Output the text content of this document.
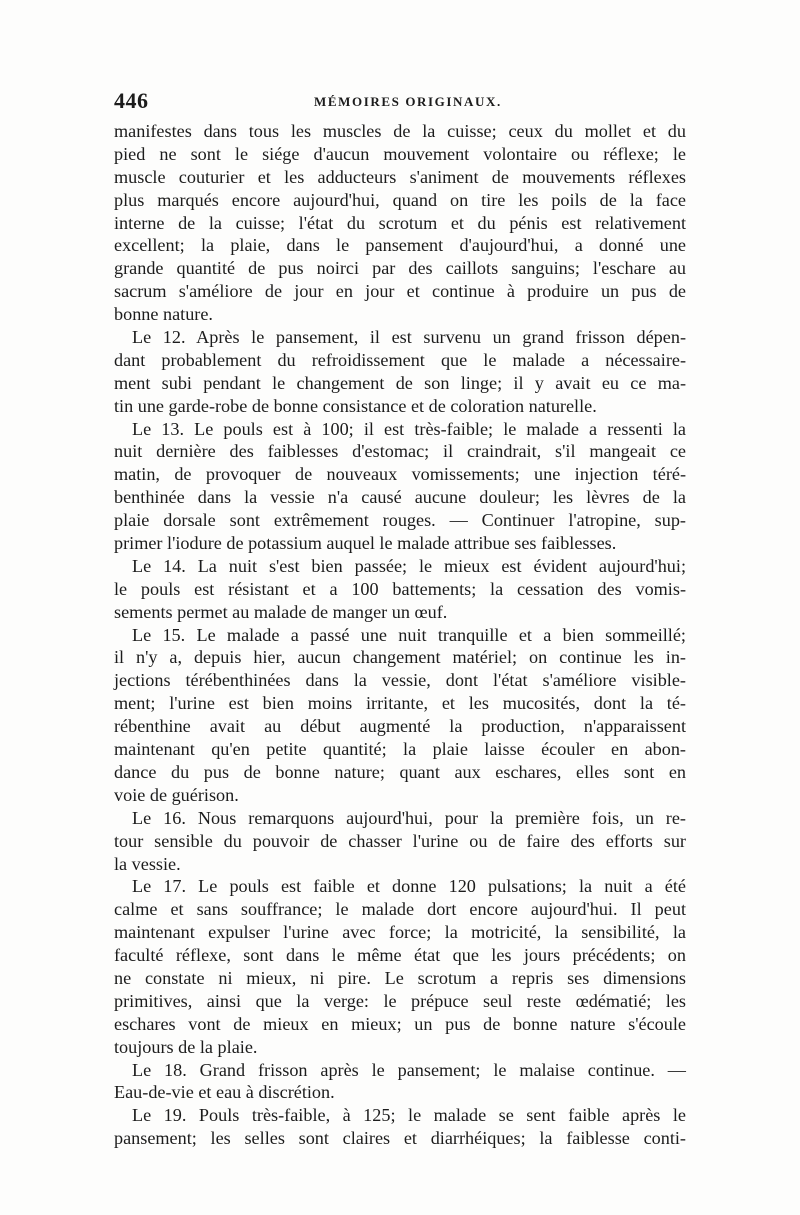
446	MÉMOIRES ORIGINAUX.
manifestes dans tous les muscles de la cuisse; ceux du mollet et du
pied ne sont le siége d'aucun mouvement volontaire ou réflexe; le
muscle couturier et les adducteurs s'animent de mouvements réflexes
plus marqués encore aujourd'hui, quand on tire les poils de la face
interne de la cuisse; l'état du scrotum et du pénis est relativement
excellent; la plaie, dans le pansement d'aujourd'hui, a donné une
grande quantité de pus noirci par des caillots sanguins; l'eschare au
sacrum s'améliore de jour en jour et continue à produire un pus de
bonne nature.
Le 12. Après le pansement, il est survenu un grand frisson dépen-
dant probablement du refroidissement que le malade a nécessaire-
ment subi pendant le changement de son linge; il y avait eu ce ma-
tin une garde-robe de bonne consistance et de coloration naturelle.
Le 13. Le pouls est à 100; il est très-faible; le malade a ressenti la
nuit dernière des faiblesses d'estomac; il craindrait, s'il mangeait ce
matin, de provoquer de nouveaux vomissements; une injection téré-
benthinée dans la vessie n'a causé aucune douleur; les lèvres de la
plaie dorsale sont extrêmement rouges. — Continuer l'atropine, sup-
primer l'iodure de potassium auquel le malade attribue ses faiblesses.
Le 14. La nuit s'est bien passée; le mieux est évident aujourd'hui;
le pouls est résistant et a 100 battements; la cessation des vomis-
sements permet au malade de manger un œuf.
Le 15. Le malade a passé une nuit tranquille et a bien sommeillé;
il n'y a, depuis hier, aucun changement matériel; on continue les in-
jections térébenthinées dans la vessie, dont l'état s'améliore visible-
ment; l'urine est bien moins irritante, et les mucosités, dont la té-
rébenthine avait au début augmenté la production, n'apparaissent
maintenant qu'en petite quantité; la plaie laisse écouler en abon-
dance du pus de bonne nature; quant aux eschares, elles sont en
voie de guérison.
Le 16. Nous remarquons aujourd'hui, pour la première fois, un re-
tour sensible du pouvoir de chasser l'urine ou de faire des efforts sur
la vessie.
Le 17. Le pouls est faible et donne 120 pulsations; la nuit a été
calme et sans souffrance; le malade dort encore aujourd'hui. Il peut
maintenant expulser l'urine avec force; la motricité, la sensibilité, la
faculté réflexe, sont dans le même état que les jours précédents; on
ne constate ni mieux, ni pire. Le scrotum a repris ses dimensions
primitives, ainsi que la verge: le prépuce seul reste œdématié; les
eschares vont de mieux en mieux; un pus de bonne nature s'écoule
toujours de la plaie.
Le 18. Grand frisson après le pansement; le malaise continue. —
Eau-de-vie et eau à discrétion.
Le 19. Pouls très-faible, à 125; le malade se sent faible après le
pansement; les selles sont claires et diarrhéiques; la faiblesse conti-
